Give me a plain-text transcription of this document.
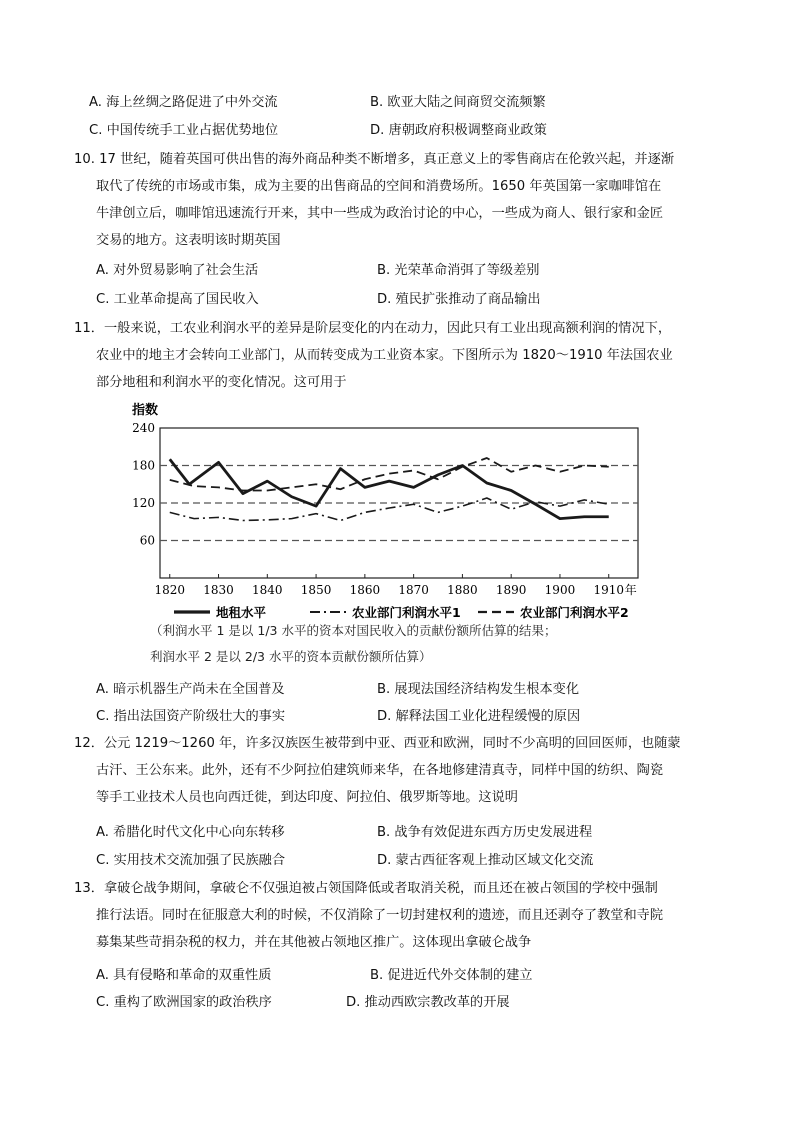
A. 海上丝绸之路促进了中外交流	B. 欧亚大陆之间商贸交流频繁
C. 中国传统手工业占据优势地位	D. 唐朝政府积极调整商业政策
10. 17 世纪，随着英国可供出售的海外商品种类不断增多，真正意义上的零售商店在伦敦兴起，并逐渐
取代了传统的市场或市集，成为主要的出售商品的空间和消费场所。1650 年英国第一家咖啡馆在
牛津创立后，咖啡馆迅速流行开来，其中一些成为政治讨论的中心，一些成为商人、银行家和金匠
交易的地方。这表明该时期英国
A. 对外贸易影响了社会生活	B. 光荣革命消弭了等级差别
C. 工业革命提高了国民收入	D. 殖民扩张推动了商品输出
11．一般来说，工农业利润水平的差异是阶层变化的内在动力，因此只有工业出现高额利润的情况下，
农业中的地主才会转向工业部门，从而转变成为工业资本家。下图所示为 1820～1910 年法国农业
部分地租和利润水平的变化情况。这可用于
指数
60
120
180
240
1820 1830 1840 1850 1860 1870 1880 1890 1900 1910 年
地租水平	农业部门利润水平1	农业部门利润水平2
（利润水平 1 是以 1/3 水平的资本对国民收入的贡献份额所估算的结果；
利润水平 2 是以 2/3 水平的资本贡献份额所估算）
A. 暗示机器生产尚未在全国普及	B. 展现法国经济结构发生根本变化
C. 指出法国资产阶级壮大的事实	D. 解释法国工业化进程缓慢的原因
12．公元 1219～1260 年，许多汉族医生被带到中亚、西亚和欧洲，同时不少高明的回回医师，也随蒙
古汗、王公东来。此外，还有不少阿拉伯建筑师来华，在各地修建清真寺，同样中国的纺织、陶瓷
等手工业技术人员也向西迁徙，到达印度、阿拉伯、俄罗斯等地。这说明
A. 希腊化时代文化中心向东转移	B. 战争有效促进东西方历史发展进程
C. 实用技术交流加强了民族融合	D. 蒙古西征客观上推动区域文化交流
13．拿破仑战争期间，拿破仑不仅强迫被占领国降低或者取消关税，而且还在被占领国的学校中强制
推行法语。同时在征服意大利的时候，不仅消除了一切封建权利的遗迹，而且还剥夺了教堂和寺院
募集某些苛捐杂税的权力，并在其他被占领地区推广。这体现出拿破仑战争
A. 具有侵略和革命的双重性质	B. 促进近代外交体制的建立
C. 重构了欧洲国家的政治秩序	D. 推动西欧宗教改革的开展
